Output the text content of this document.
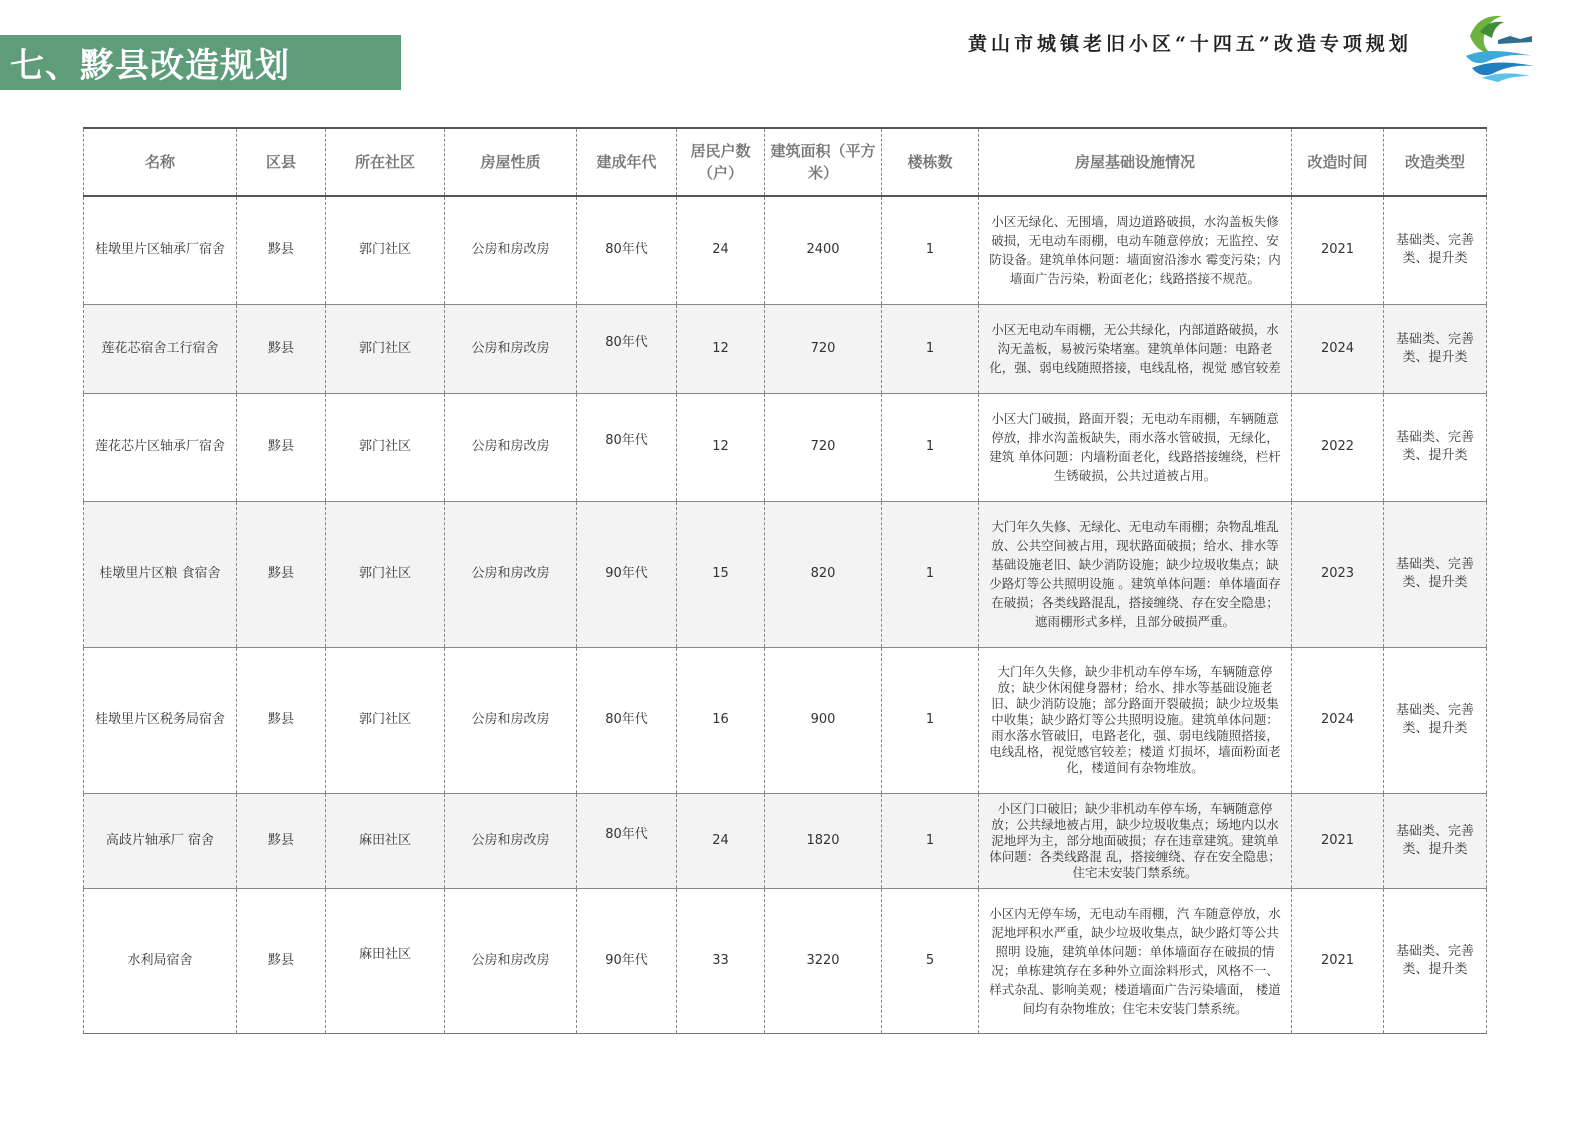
七、黟县改造规划
黄山市城镇老旧小区“十四五”改造专项规划
名称	区县	所在社区	房屋性质	建成年代	居民户数（户）	建筑面积（平方米）	楼栋数	房屋基础设施情况	改造时间	改造类型
桂墩里片区轴承厂宿舍	黟县	郭门社区	公房和房改房	80年代	24	2400	1	小区无绿化、无围墙，周边道路破损，水沟盖板失修破损，无电动车雨棚，电动车随意停放；无监控、安防设备。建筑单体问题：墙面窗沿渗水 霉变污染；内墙面广告污染，粉面老化；线路搭接不规范。	2021	基础类、完善类、提升类
莲花芯宿舍工行宿舍	黟县	郭门社区	公房和房改房	80年代	12	720	1	小区无电动车雨棚，无公共绿化，内部道路破损，水沟无盖板，易被污染堵塞。建筑单体问题：电路老化，强、弱电线随照搭接，电线乱格，视觉 感官较差	2024	基础类、完善类、提升类
莲花芯片区轴承厂宿舍	黟县	郭门社区	公房和房改房	80年代	12	720	1	小区大门破损，路面开裂；无电动车雨棚，车辆随意停放，排水沟盖板缺失，雨水落水管破损，无绿化，建筑 单体问题：内墙粉面老化，线路搭接缠绕，栏杆生锈破损，公共过道被占用。	2022	基础类、完善类、提升类
桂墩里片区粮 食宿舍	黟县	郭门社区	公房和房改房	90年代	15	820	1	大门年久失修、无绿化、无电动车雨棚；杂物乱堆乱放、公共空间被占用，现状路面破损；给水、排水等基础设施老旧、缺少消防设施；缺少垃圾收集点；缺少路灯等公共照明设施 。建筑单体问题：单体墙面存在破损；各类线路混乱，搭接缠绕、存在安全隐患；遮雨棚形式多样，且部分破损严重。	2023	基础类、完善类、提升类
桂墩里片区税务局宿舍	黟县	郭门社区	公房和房改房	80年代	16	900	1	大门年久失修，缺少非机动车停车场，车辆随意停放；缺少休闲健身器材；给水、排水等基础设施老旧、缺少消防设施；部分路面开裂破损；缺少垃圾集中收集；缺少路灯等公共照明设施。建筑单体问题：雨水落水管破旧，电路老化，强、弱电线随照搭接，电线乱格，视觉感官较差；楼道 灯损坏，墙面粉面老化，楼道间有杂物堆放。	2024	基础类、完善类、提升类
高歧片轴承厂 宿舍	黟县	麻田社区	公房和房改房	80年代	24	1820	1	小区门口破旧；缺少非机动车停车场，车辆随意停放；公共绿地被占用，缺少垃圾收集点；场地内以水泥地坪为主，部分地面破损；存在违章建筑。建筑单体问题：各类线路混 乱，搭接缠绕、存在安全隐患；住宅未安装门禁系统。	2021	基础类、完善类、提升类
水利局宿舍	黟县	麻田社区	公房和房改房	90年代	33	3220	5	小区内无停车场，无电动车雨棚，汽 车随意停放，水泥地坪积水严重，缺少垃圾收集点，缺少路灯等公共照明 设施，建筑单体问题：单体墙面存在破损的情况；单栋建筑存在多种外立面涂料形式，风格不一、样式杂乱、影响美观；楼道墙面广告污染墙面， 楼道间均有杂物堆放；住宅未安装门禁系统。	2021	基础类、完善类、提升类
